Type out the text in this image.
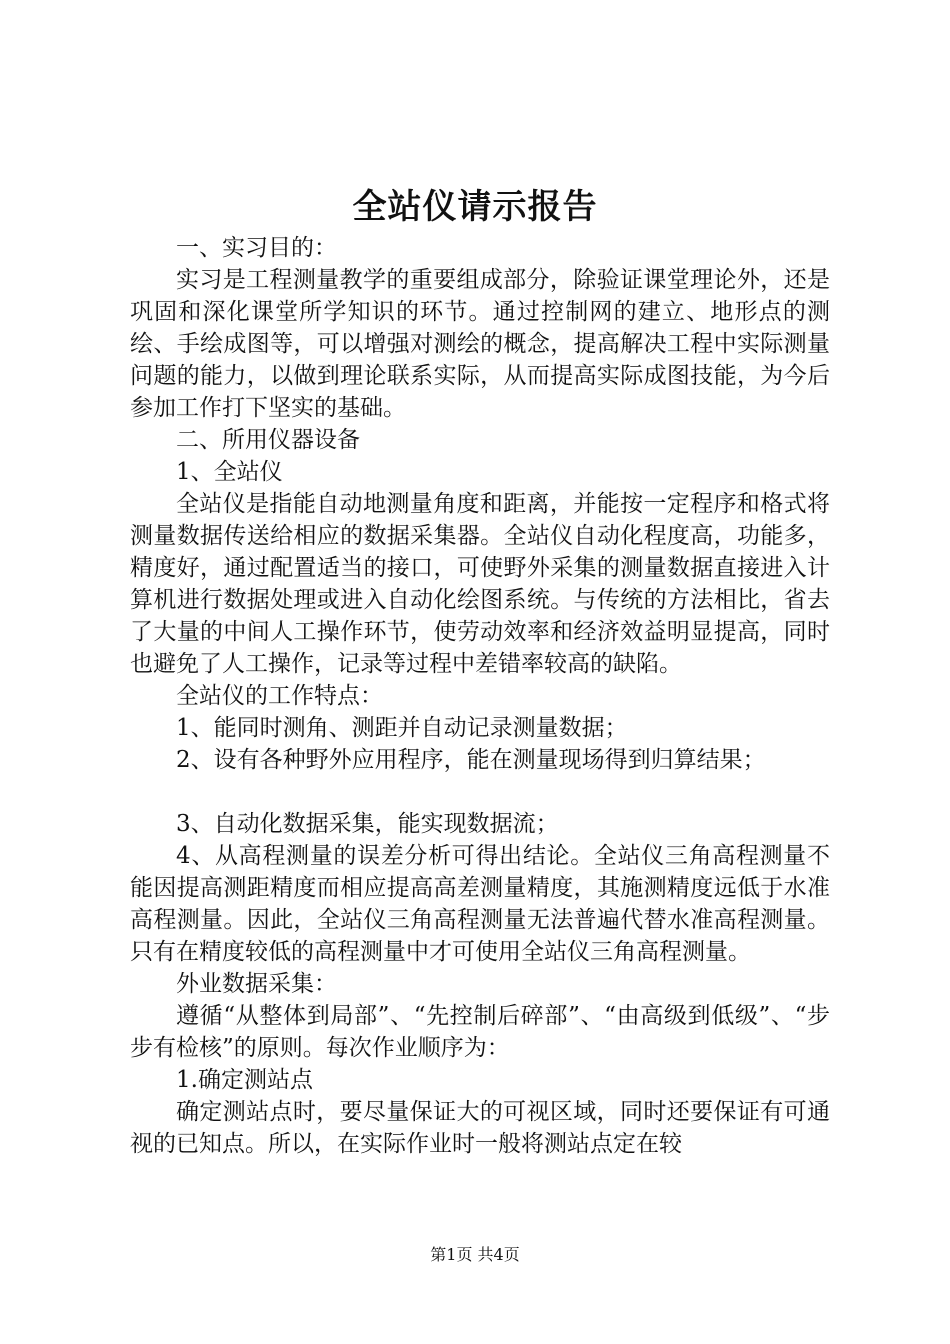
全站仪请示报告

一、实习目的：

实习是工程测量教学的重要组成部分，除验证课堂理论外，还是巩固和深化课堂所学知识的环节。通过控制网的建立、地形点的测绘、手绘成图等，可以增强对测绘的概念，提高解决工程中实际测量问题的能力，以做到理论联系实际，从而提高实际成图技能，为今后参加工作打下坚实的基础。

二、所用仪器设备

1、全站仪

全站仪是指能自动地测量角度和距离，并能按一定程序和格式将测量数据传送给相应的数据采集器。全站仪自动化程度高，功能多，精度好，通过配置适当的接口，可使野外采集的测量数据直接进入计算机进行数据处理或进入自动化绘图系统。与传统的方法相比，省去了大量的中间人工操作环节，使劳动效率和经济效益明显提高，同时也避免了人工操作，记录等过程中差错率较高的缺陷。

全站仪的工作特点：

1、能同时测角、测距并自动记录测量数据；

2、设有各种野外应用程序，能在测量现场得到归算结果；

3、自动化数据采集，能实现数据流；

4、从高程测量的误差分析可得出结论。全站仪三角高程测量不能因提高测距精度而相应提高高差测量精度，其施测精度远低于水准高程测量。因此，全站仪三角高程测量无法普遍代替水准高程测量。只有在精度较低的高程测量中才可使用全站仪三角高程测量。

外业数据采集：

遵循“从整体到局部”、“先控制后碎部”、“由高级到低级”、“步步有检核”的原则。每次作业顺序为：

1.确定测站点

确定测站点时，要尽量保证大的可视区域，同时还要保证有可通视的已知点。所以，在实际作业时一般将测站点定在较

第1页 共4页
